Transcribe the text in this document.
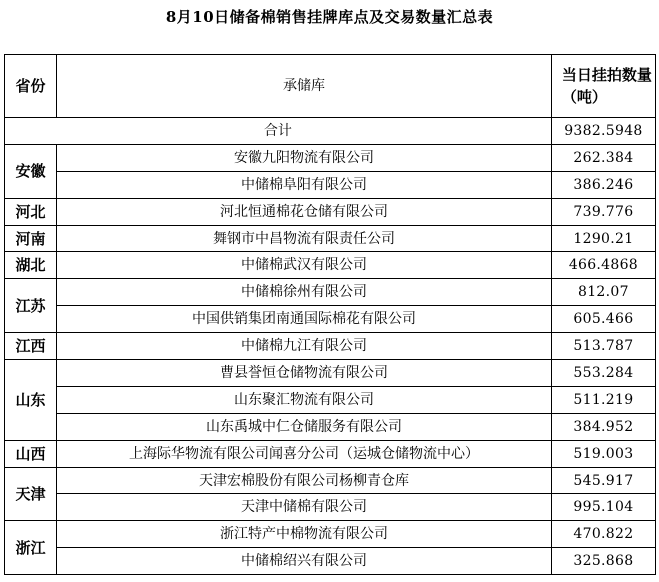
8月10日储备棉销售挂牌库点及交易数量汇总表
省份	承储库	当日挂拍数量（吨）
合计		9382.5948
安徽	安徽九阳物流有限公司	262.384
	中储棉阜阳有限公司	386.246
河北	河北恒通棉花仓储有限公司	739.776
河南	舞钢市中昌物流有限责任公司	1290.21
湖北	中储棉武汉有限公司	466.4868
江苏	中储棉徐州有限公司	812.07
	中国供销集团南通国际棉花有限公司	605.466
江西	中储棉九江有限公司	513.787
山东	曹县誉恒仓储物流有限公司	553.284
	山东聚汇物流有限公司	511.219
	山东禹城中仁仓储服务有限公司	384.952
山西	上海际华物流有限公司闻喜分公司（运城仓储物流中心）	519.003
天津	天津宏棉股份有限公司杨柳青仓库	545.917
	天津中储棉有限公司	995.104
浙江	浙江特产中棉物流有限公司	470.822
	中储棉绍兴有限公司	325.868
